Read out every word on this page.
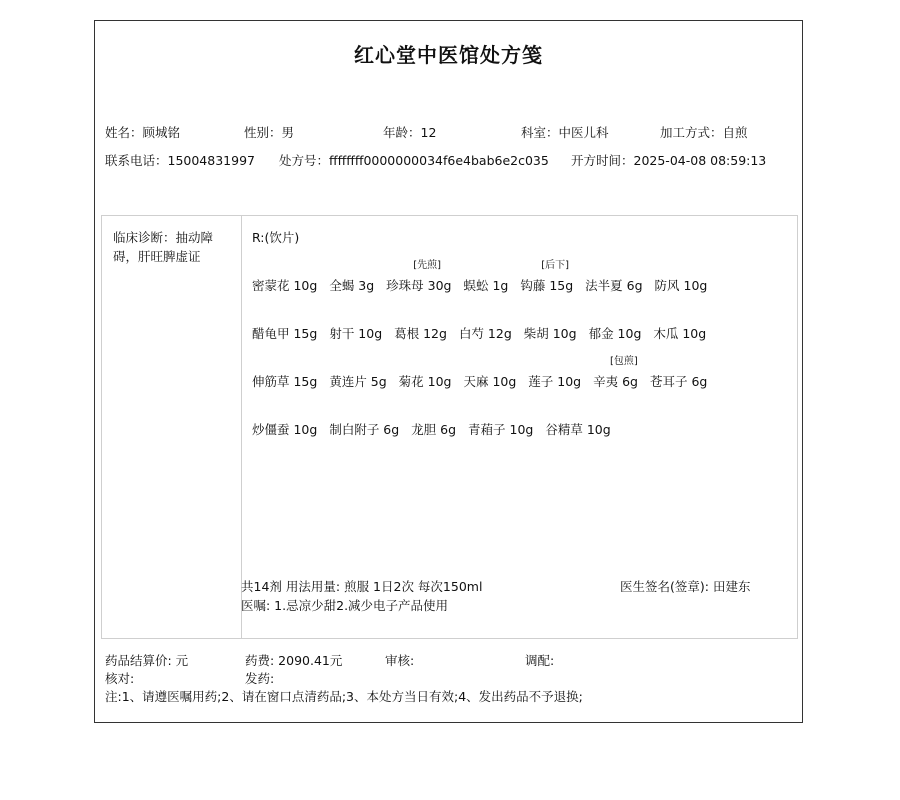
红心堂中医馆处方笺
姓名：顾城铭	性别：男	年龄：12	科室：中医儿科	加工方式：自煎
联系电话：15004831997 处方号：ffffffff0000000034f6e4bab6e2c035 开方时间：2025-04-08 08:59:13
临床诊断：抽动障碍，肝旺脾虚证
R:(饮片)
密蒙花 10g 全蝎 3g
[先煎]
珍珠母 30g 蜈蚣 1g
[后下]
钩藤 15g 法半夏 6g 防风 10g
醋龟甲 15g 射干 10g 葛根 12g 白芍 12g 柴胡 10g 郁金 10g 木瓜 10g
伸筋草 15g 黄连片 5g 菊花 10g 天麻 10g 莲子 10g
[包煎]
辛夷 6g 苍耳子 6g
炒僵蚕 10g 制白附子 6g 龙胆 6g 青葙子 10g 谷精草 10g
共14剂 用法用量: 煎服 1日2次 每次150ml	医生签名(签章): 田建东
医嘱: 1.忌凉少甜2.减少电子产品使用
药品结算价: 元	药费: 2090.41元	审核:	调配:
核对:	发药:
注:1、请遵医嘱用药;2、请在窗口点清药品;3、本处方当日有效;4、发出药品不予退换;
